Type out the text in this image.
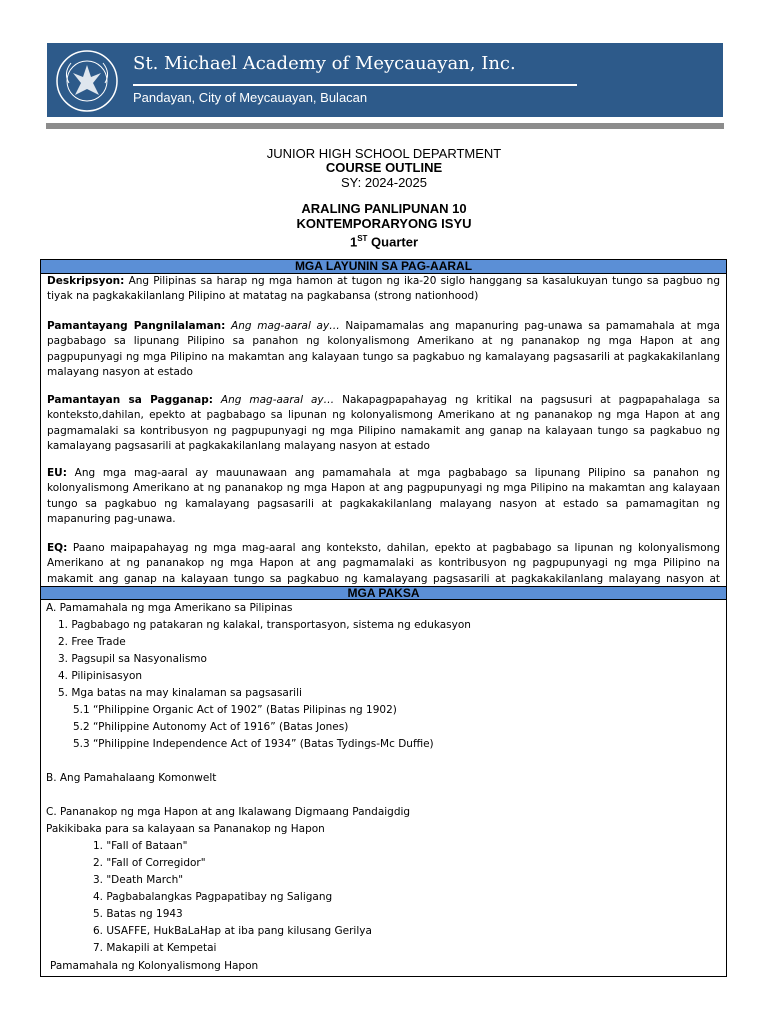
St. Michael Academy of Meycauayan, Inc.
Pandayan, City of Meycauayan, Bulacan
JUNIOR HIGH SCHOOL DEPARTMENT
COURSE OUTLINE
SY: 2024-2025
ARALING PANLIPUNAN 10
KONTEMPORARYONG ISYU
1ST Quarter
MGA LAYUNIN SA PAG-AARAL
Deskripsyon: Ang Pilipinas sa harap ng mga hamon at tugon ng ika-20 siglo hanggang sa kasalukuyan tungo sa pagbuo ng tiyak na pagkakakilanlang Pilipino at matatag na pagkabansa (strong nationhood)
Pamantayang Pangnilalaman: Ang mag-aaral ay… Naipamamalas ang mapanuring pag-unawa sa pamamahala at mga pagbabago sa lipunang Pilipino sa panahon ng kolonyalismong Amerikano at ng pananakop ng mga Hapon at ang pagpupunyagi ng mga Pilipino na makamtan ang kalayaan tungo sa pagkabuo ng kamalayang pagsasarili at pagkakakilanlang malayang nasyon at estado
Pamantayan sa Pagganap: Ang mag-aaral ay… Nakapagpapahayag ng kritikal na pagsusuri at pagpapahalaga sa konteksto,dahilan, epekto at pagbabago sa lipunan ng kolonyalismong Amerikano at ng pananakop ng mga Hapon at ang pagmamalaki sa kontribusyon ng pagpupunyagi ng mga Pilipino namakamit ang ganap na kalayaan tungo sa pagkabuo ng kamalayang pagsasarili at pagkakakilanlang malayang nasyon at estado
EU: Ang mga mag-aaral ay mauunawaan ang pamamahala at mga pagbabago sa lipunang Pilipino sa panahon ng kolonyalismong Amerikano at ng pananakop ng mga Hapon at ang pagpupunyagi ng mga Pilipino na makamtan ang kalayaan tungo sa pagkabuo ng kamalayang pagsasarili at pagkakakilanlang malayang nasyon at estado sa pamamagitan ng mapanuring pag-unawa.
EQ: Paano maipapahayag ng mga mag-aaral ang konteksto, dahilan, epekto at pagbabago sa lipunan ng kolonyalismong Amerikano at ng pananakop ng mga Hapon at ang pagmamalaki as kontribusyon ng pagpupunyagi ng mga Pilipino na makamit ang ganap na kalayaan tungo sa pagkabuo ng kamalayang pagsasarili at pagkakakilanlang malayang nasyon at
MGA PAKSA
A. Pamamahala ng mga Amerikano sa Pilipinas
1. Pagbabago ng patakaran ng kalakal, transportasyon, sistema ng edukasyon
2. Free Trade
3. Pagsupil sa Nasyonalismo
4. Pilipinisasyon
5. Mga batas na may kinalaman sa pagsasarili
5.1 “Philippine Organic Act of 1902” (Batas Pilipinas ng 1902)
5.2 “Philippine Autonomy Act of 1916” (Batas Jones)
5.3 “Philippine Independence Act of 1934” (Batas Tydings-Mc Duffie)
B. Ang Pamahalaang Komonwelt
C. Pananakop ng mga Hapon at ang Ikalawang Digmaang Pandaigdig
Pakikibaka para sa kalayaan sa Pananakop ng Hapon
1. "Fall of Bataan"
2. "Fall of Corregidor"
3. "Death March"
4. Pagbabalangkas Pagpapatibay ng Saligang
5. Batas ng 1943
6. USAFFE, HukBaLaHap at iba pang kilusang Gerilya
7. Makapili at Kempetai
Pamamahala ng Kolonyalismong Hapon
